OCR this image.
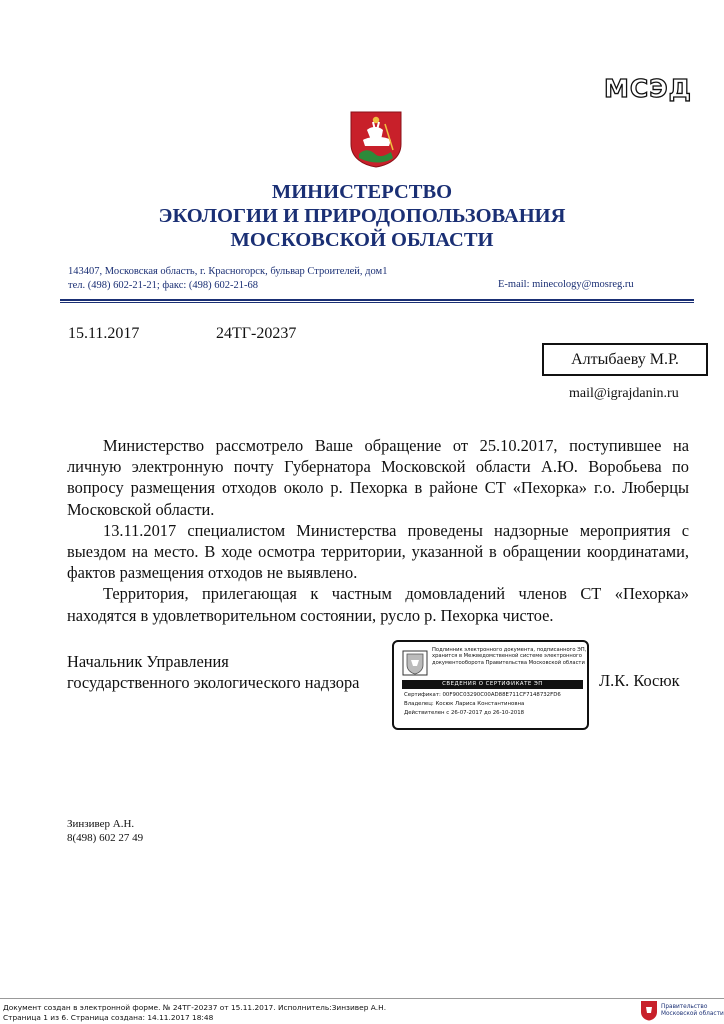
МСЭД
МИНИСТЕРСТВО
ЭКОЛОГИИ И ПРИРОДОПОЛЬЗОВАНИЯ
МОСКОВСКОЙ ОБЛАСТИ
143407, Московская область, г. Красногорск, бульвар Строителей, дом1
тел. (498) 602-21-21; факс: (498) 602-21-68	E-mail: minecology@mosreg.ru
15.11.2017	24ТГ-20237
Алтыбаеву М.Р.
mail@igrajdanin.ru

Министерство рассмотрело Ваше обращение от 25.10.2017, поступившее на личную электронную почту Губернатора Московской области А.Ю. Воробьева по вопросу размещения отходов около р. Пехорка в районе СТ «Пехорка» г.о. Люберцы Московской области.

13.11.2017 специалистом Министерства проведены надзорные мероприятия с выездом на место. В ходе осмотра территории, указанной в обращении координатами, фактов размещения отходов не выявлено.

Территория, прилегающая к частным домовладений членов СТ «Пехорка» находятся в удовлетворительном состоянии, русло р. Пехорка чистое.

Начальник Управления
государственного экологического надзора
Подлинник электронного документа, подписанного ЭП,
хранится в Межведомственной системе электронного
документооборота Правительства Московской области
СВЕДЕНИЯ О СЕРТИФИКАТЕ ЭП
Сертификат: 00F90C03290C00AD88E711CF7148732FD6
Владелец: Косюк Лариса Константиновна
Действителен с 26-07-2017 до 26-10-2018
Л.К. Косюк
Зинзивер А.Н.
8(498) 602 27 49
Документ создан в электронной форме. № 24ТГ-20237 от 15.11.2017. Исполнитель:Зинзивер А.Н.
Страница 1 из 6. Страница создана: 14.11.2017 18:48
Правительство
Московской области
